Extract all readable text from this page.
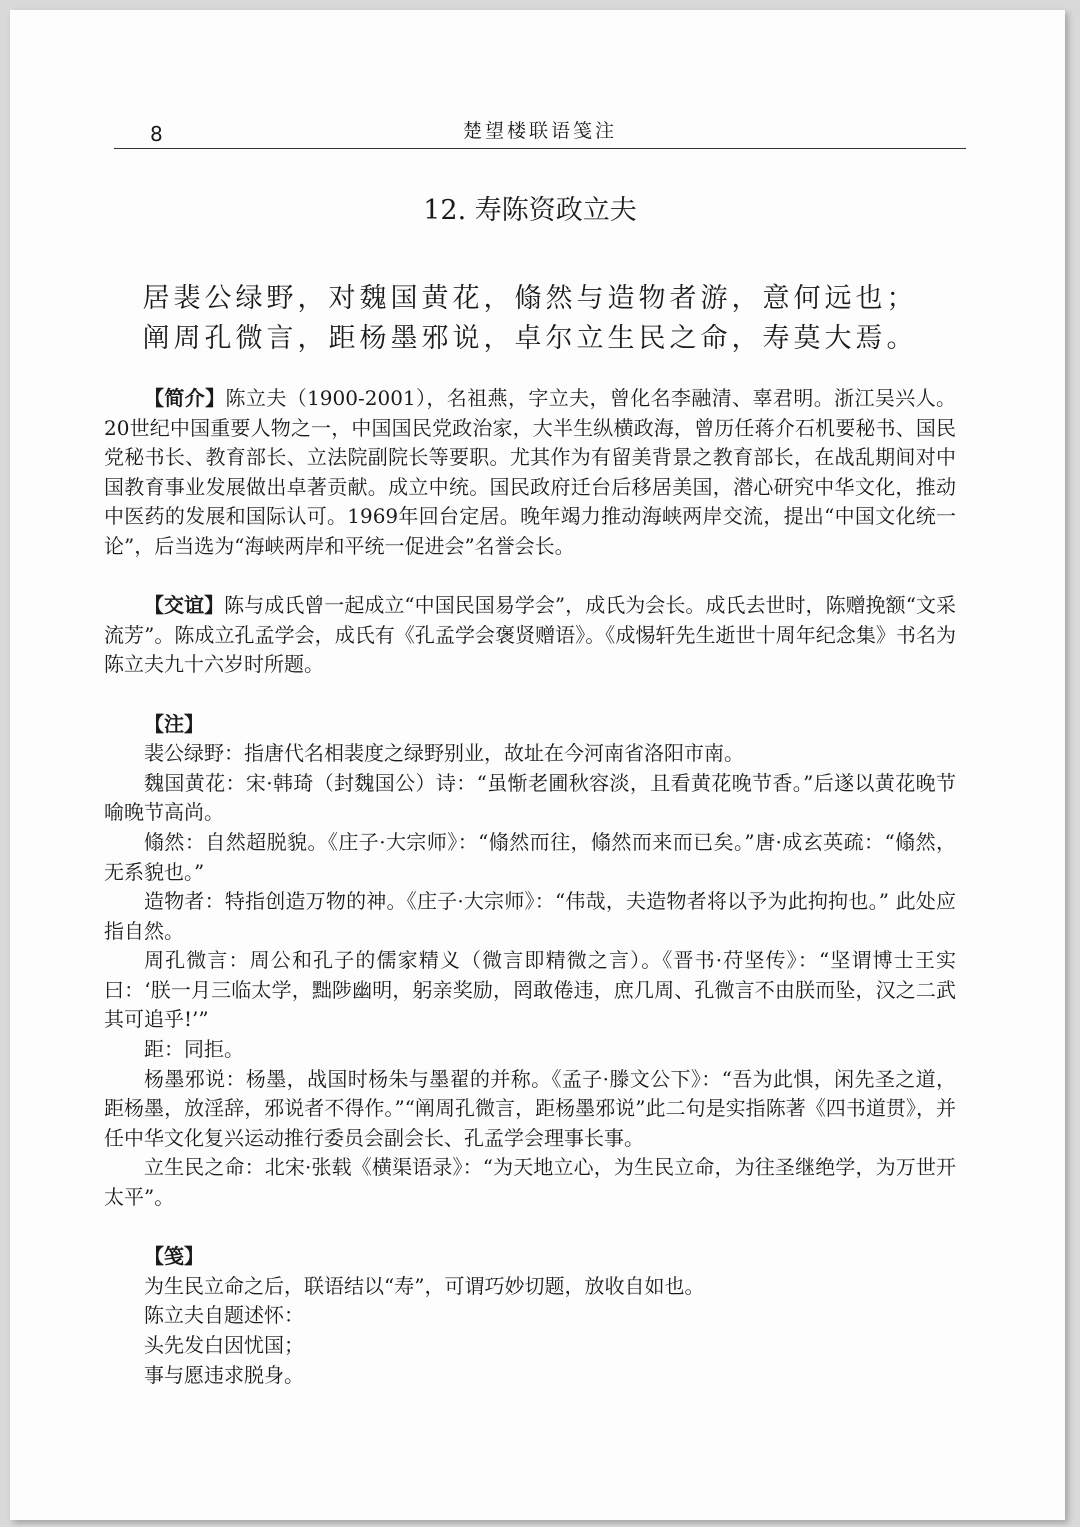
8	楚望楼联语笺注
12. 寿陈资政立夫
居裴公绿野，对魏国黄花，翛然与造物者游，意何远也；
阐周孔微言，距杨墨邪说，卓尔立生民之命，寿莫大焉。

【简介】陈立夫（1900-2001），名祖燕，字立夫，曾化名李融清、辜君明。浙江吴兴人。20世纪中国重要人物之一，中国国民党政治家，大半生纵横政海，曾历任蒋介石机要秘书、国民党秘书长、教育部长、立法院副院长等要职。尤其作为有留美背景之教育部长，在战乱期间对中国教育事业发展做出卓著贡献。成立中统。国民政府迁台后移居美国，潜心研究中华文化，推动中医药的发展和国际认可。1969年回台定居。晚年竭力推动海峡两岸交流，提出“中国文化统一论”，后当选为“海峡两岸和平统一促进会”名誉会长。

【交谊】陈与成氏曾一起成立“中国民国易学会”，成氏为会长。成氏去世时，陈赠挽额“文采流芳”。陈成立孔孟学会，成氏有《孔孟学会褒贤赠语》。《成惕轩先生逝世十周年纪念集》书名为陈立夫九十六岁时所题。

【注】

裴公绿野：指唐代名相裴度之绿野别业，故址在今河南省洛阳市南。

魏国黄花：宋·韩琦（封魏国公）诗：“虽惭老圃秋容淡，且看黄花晚节香。”后遂以黄花晚节喻晚节高尚。

翛然：自然超脱貌。《庄子·大宗师》：“翛然而往，翛然而来而已矣。”唐·成玄英疏：“翛然，无系貌也。”

造物者：特指创造万物的神。《庄子·大宗师》：“伟哉，夫造物者将以予为此拘拘也。” 此处应指自然。

周孔微言：周公和孔子的儒家精义（微言即精微之言）。《晋书·苻坚传》：“坚谓博士王实曰：‘朕一月三临太学，黜陟幽明，躬亲奖励，罔敢倦违，庶几周、孔微言不由朕而坠，汉之二武其可追乎!’”

距：同拒。

杨墨邪说：杨墨，战国时杨朱与墨翟的并称。《孟子·滕文公下》：“吾为此惧，闲先圣之道，距杨墨，放淫辞，邪说者不得作。”“阐周孔微言，距杨墨邪说”此二句是实指陈著《四书道贯》，并任中华文化复兴运动推行委员会副会长、孔孟学会理事长事。

立生民之命：北宋·张载《横渠语录》：“为天地立心，为生民立命，为往圣继绝学，为万世开太平”。

【笺】

为生民立命之后，联语结以“寿”，可谓巧妙切题，放收自如也。

陈立夫自题述怀：

头先发白因忧国；

事与愿违求脱身。
